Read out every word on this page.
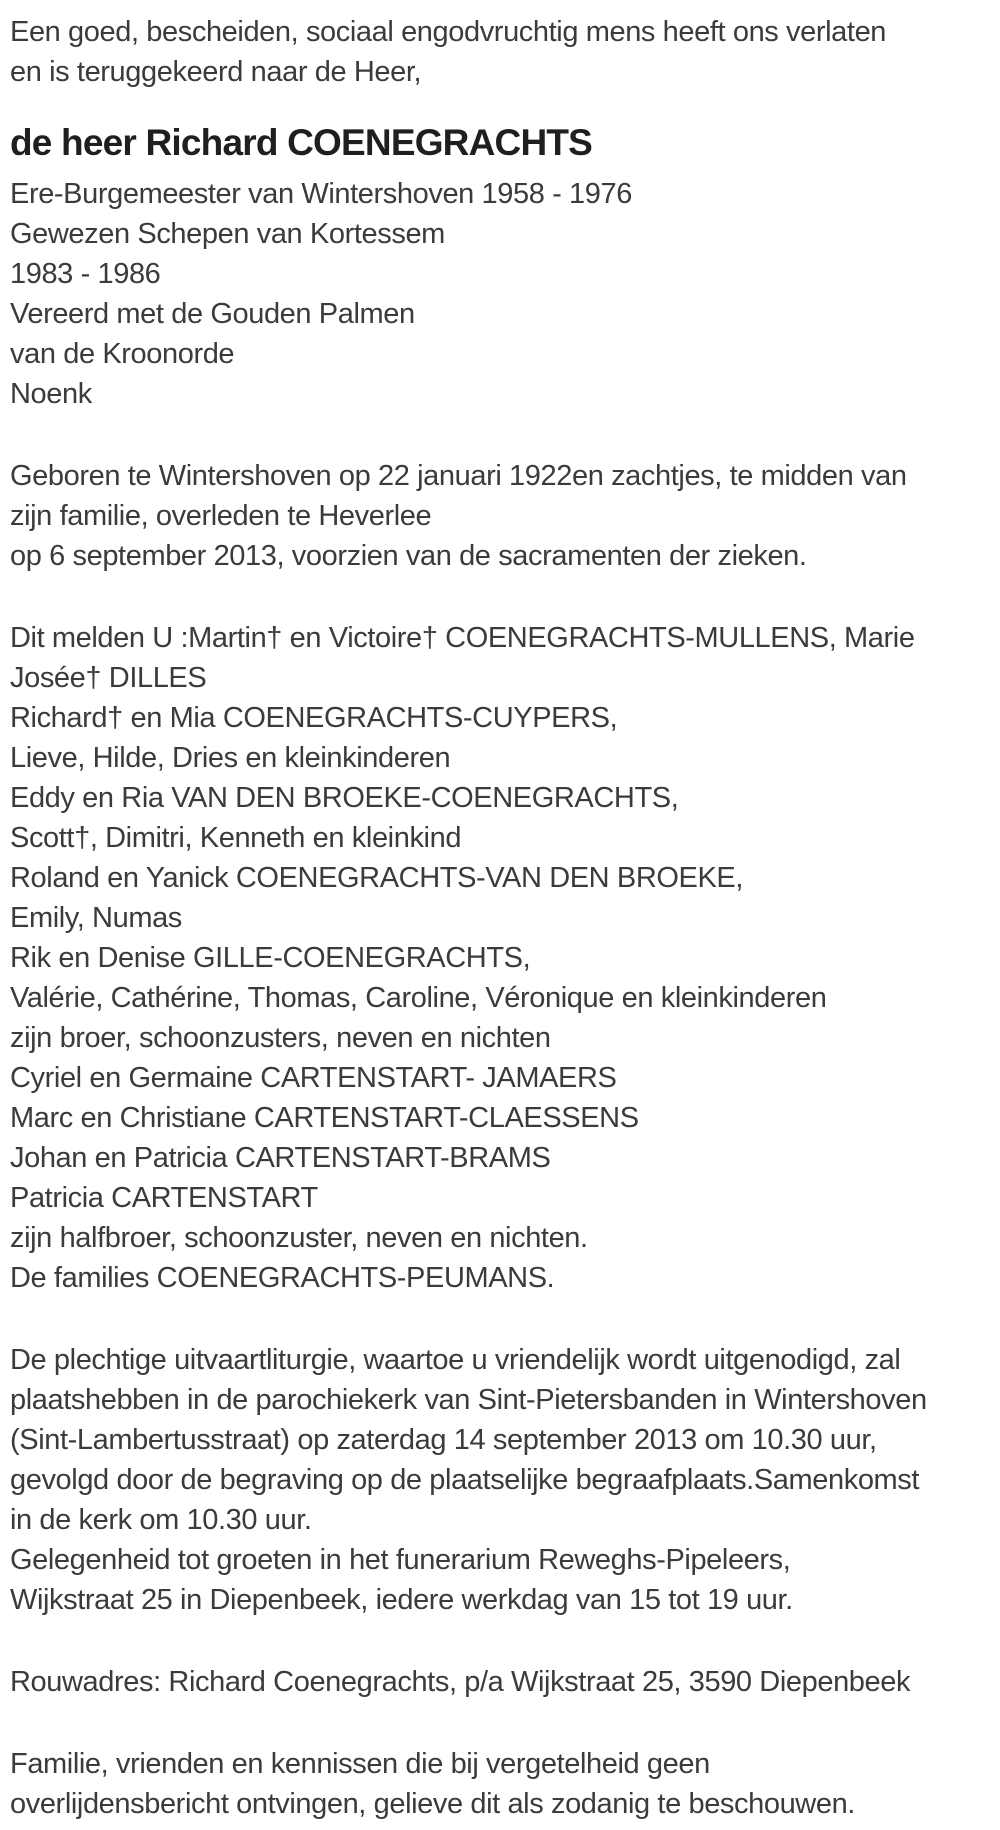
Een goed, bescheiden, sociaal engodvruchtig mens heeft ons verlaten
en is teruggekeerd naar de Heer,
de heer Richard COENEGRACHTS
Ere-Burgemeester van Wintershoven 1958 - 1976
Gewezen Schepen van Kortessem
1983 - 1986
Vereerd met de Gouden Palmen
van de Kroonorde
Noenk
Geboren te Wintershoven op 22 januari 1922en zachtjes, te midden van
zijn familie, overleden te Heverlee
op 6 september 2013, voorzien van de sacramenten der zieken.
Dit melden U :Martin† en Victoire† COENEGRACHTS-MULLENS, Marie
Josée† DILLES
Richard† en Mia COENEGRACHTS-CUYPERS,
Lieve, Hilde, Dries en kleinkinderen
Eddy en Ria VAN DEN BROEKE-COENEGRACHTS,
Scott†, Dimitri, Kenneth en kleinkind
Roland en Yanick COENEGRACHTS-VAN DEN BROEKE,
Emily, Numas
Rik en Denise GILLE-COENEGRACHTS,
Valérie, Cathérine, Thomas, Caroline, Véronique en kleinkinderen
zijn broer, schoonzusters, neven en nichten
Cyriel en Germaine CARTENSTART- JAMAERS
Marc en Christiane CARTENSTART-CLAESSENS
Johan en Patricia CARTENSTART-BRAMS
Patricia CARTENSTART
zijn halfbroer, schoonzuster, neven en nichten.
De families COENEGRACHTS-PEUMANS.
De plechtige uitvaartliturgie, waartoe u vriendelijk wordt uitgenodigd, zal
plaatshebben in de parochiekerk van Sint-Pietersbanden in Wintershoven
(Sint-Lambertusstraat) op zaterdag 14 september 2013 om 10.30 uur,
gevolgd door de begraving op de plaatselijke begraafplaats.Samenkomst
in de kerk om 10.30 uur.
Gelegenheid tot groeten in het funerarium Reweghs-Pipeleers,
Wijkstraat 25 in Diepenbeek, iedere werkdag van 15 tot 19 uur.
Rouwadres: Richard Coenegrachts, p/a Wijkstraat 25, 3590 Diepenbeek
Familie, vrienden en kennissen die bij vergetelheid geen
overlijdensbericht ontvingen, gelieve dit als zodanig te beschouwen.
